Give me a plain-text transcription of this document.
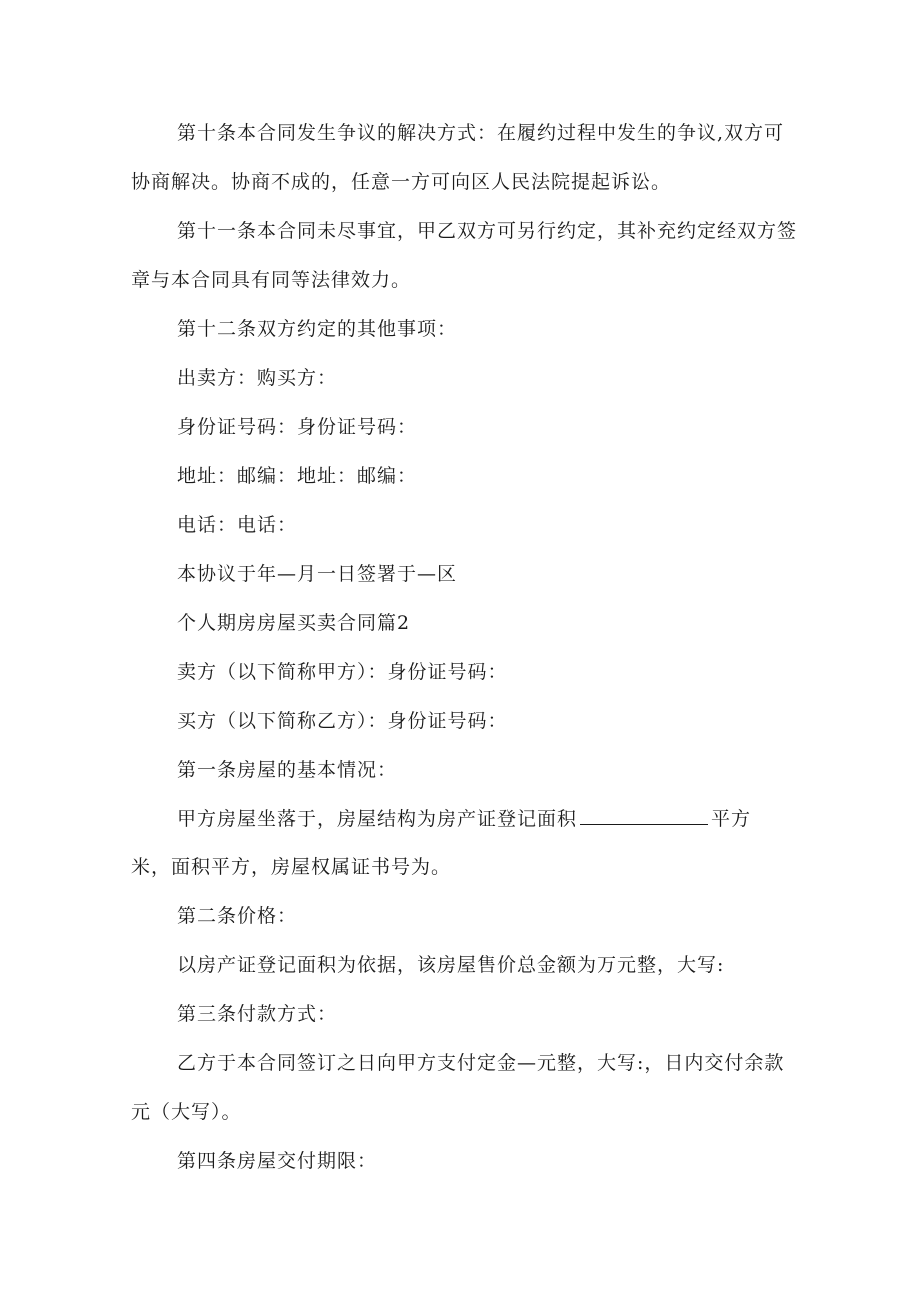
第十条本合同发生争议的解决方式：在履约过程中发生的争议,双方可
协商解决。协商不成的，任意一方可向区人民法院提起诉讼。
第十一条本合同未尽事宜，甲乙双方可另行约定，其补充约定经双方签
章与本合同具有同等法律效力。
第十二条双方约定的其他事项：
出卖方：购买方：
身份证号码：身份证号码：
地址：邮编：地址：邮编：
电话：电话：
本协议于年—月一日签署于—区
个人期房房屋买卖合同篇2
卖方（以下简称甲方）：身份证号码：
买方（以下简称乙方）：身份证号码：
第一条房屋的基本情况：
甲方房屋坐落于，房屋结构为房产证登记面积	平方
米，面积平方，房屋权属证书号为。
第二条价格：
以房产证登记面积为依据，该房屋售价总金额为万元整，大写:
第三条付款方式：
乙方于本合同签订之日向甲方支付定金—元整，大写:，日内交付余款
元（大写）。
第四条房屋交付期限：
